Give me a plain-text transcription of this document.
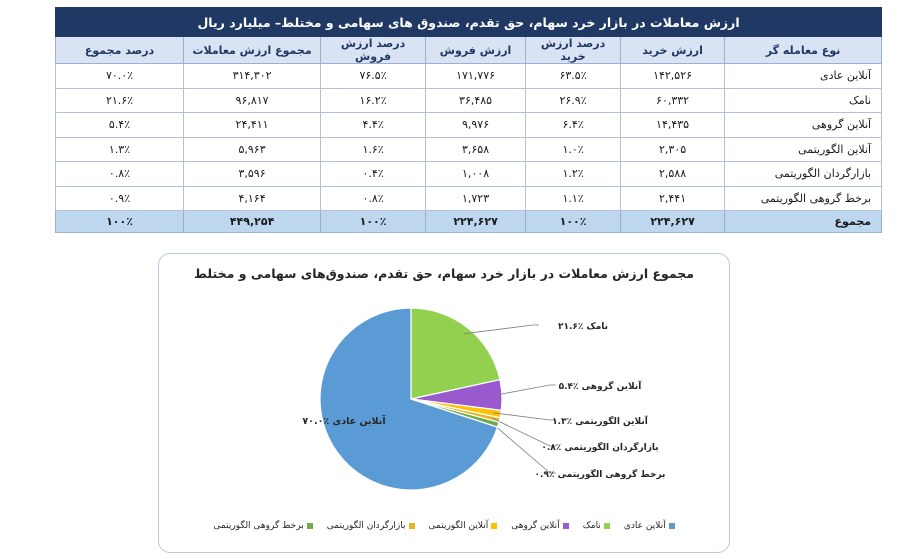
ارزش معاملات در بازار خرد سهام، حق تقدم، صندوق های سهامی و مختلط– میلیارد ریال						
نوع معامله گر	ارزش خرید	درصد ارزش خرید	ارزش فروش	درصد ارزش فروش	مجموع ارزش معاملات	درصد مجموع
آنلاین عادی	۱۴۲,۵۲۶	۶۳.۵٪	۱۷۱,۷۷۶	۷۶.۵٪	۳۱۴,۳۰۲	۷۰.۰٪
نامک	۶۰,۳۳۲	۲۶.۹٪	۳۶,۴۸۵	۱۶.۲٪	۹۶,۸۱۷	۲۱.۶٪
آنلاین گروهی	۱۴,۴۳۵	۶.۴٪	۹,۹۷۶	۴.۴٪	۲۴,۴۱۱	۵.۴٪
آنلاین الگوریتمی	۲,۳۰۵	۱.۰٪	۳,۶۵۸	۱.۶٪	۵,۹۶۳	۱.۳٪
بازارگردان الگوریتمی	۲,۵۸۸	۱.۲٪	۱,۰۰۸	۰.۴٪	۳,۵۹۶	۰.۸٪
برخط گروهی الگوریتمی	۲,۴۴۱	۱.۱٪	۱,۷۲۳	۰.۸٪	۴,۱۶۴	۰.۹٪
مجموع	۲۲۴,۶۲۷	۱۰۰٪	۲۲۴,۶۲۷	۱۰۰٪	۴۴۹,۲۵۴	۱۰۰٪
مجموع ارزش معاملات در بازار خرد سهام، حق تقدم، صندوق‌های سهامی و مختلط
نامک ٪۲۱.۶
آنلاین گروهی ٪۵.۴
آنلاین الگوریتمی ٪۱.۳
بازارگردان الگوریتمی ٪۰.۸
برخط گروهی الگوریتمی ٪۰.۹
آنلاین عادی ٪۷۰.۰
آنلاین عادی
نامک
آنلاین گروهی
آنلاین الگوریتمی
بازارگردان الگوریتمی
برخط گروهی الگوریتمی
